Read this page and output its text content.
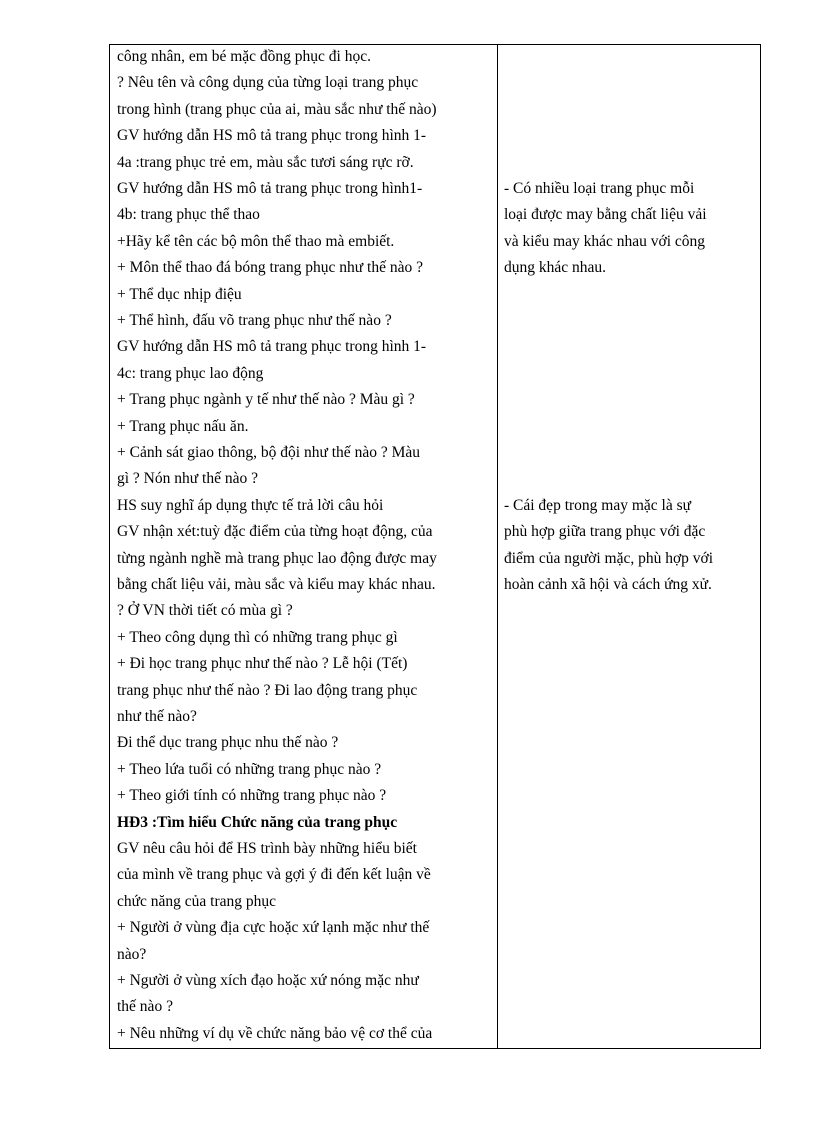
công nhân, em bé mặc đồng phục đi học.
? Nêu tên và công dụng của từng loại trang phục
trong hình (trang phục của ai, màu sắc như thế nào)
GV hướng dẫn HS mô tả trang phục trong hình 1-
4a :trang phục trẻ em, màu sắc tươi sáng rực rỡ.
GV hướng dẫn HS mô tả trang phục trong hình1-
4b: trang phục thể thao
+Hãy kể tên các bộ môn thể thao mà embiết.
+ Môn thể thao đá bóng trang phục như thế nào ?
+ Thể dục nhịp điệu
+ Thể hình, đấu võ trang phục như thế nào ?
GV hướng dẫn HS mô tả trang phục trong hình 1-
4c: trang phục lao động
+ Trang phục ngành y tế như thế nào ? Màu gì ?
+ Trang phục nấu ăn.
+ Cảnh sát giao thông, bộ đội như thế nào ? Màu
gì ? Nón như thế nào ?
HS suy nghĩ áp dụng thực tế trả lời câu hỏi
GV nhận xét:tuỳ đặc điểm của từng hoạt động, của
từng ngành nghề mà trang phục lao động được may
bằng chất liệu vải, màu sắc và kiểu may khác nhau.
? Ở VN thời tiết có mùa gì ?
+ Theo công dụng thì có những trang phục gì
+ Đi học trang phục như thế nào ? Lễ hội (Tết)
trang phục như thế nào ? Đi lao động trang phục
như thế nào?
Đi thể dục trang phục nhu thế nào ?
+ Theo lứa tuổi có những trang phục nào ?
+ Theo giới tính có những trang phục nào ?
HĐ3 :Tìm hiểu Chức năng của trang phục
GV nêu câu hỏi để HS trình bày những hiểu biết
của mình về trang phục và gợi ý đi đến kết luận về
chức năng của trang phục
+ Người ở vùng địa cực hoặc xứ lạnh mặc như thế
nào?
+ Người ở vùng xích đạo hoặc xứ nóng mặc như
thế nào ?
+ Nêu những ví dụ về chức năng bảo vệ cơ thể của
- Có nhiều loại trang phục mỗi
loại được may bằng chất liệu vải
và kiểu may khác nhau với công
dụng khác nhau.
- Cái đẹp trong may mặc là sự
phù hợp giữa trang phục với đặc
điểm của người mặc, phù hợp với
hoàn cảnh xã hội và cách ứng xử.
